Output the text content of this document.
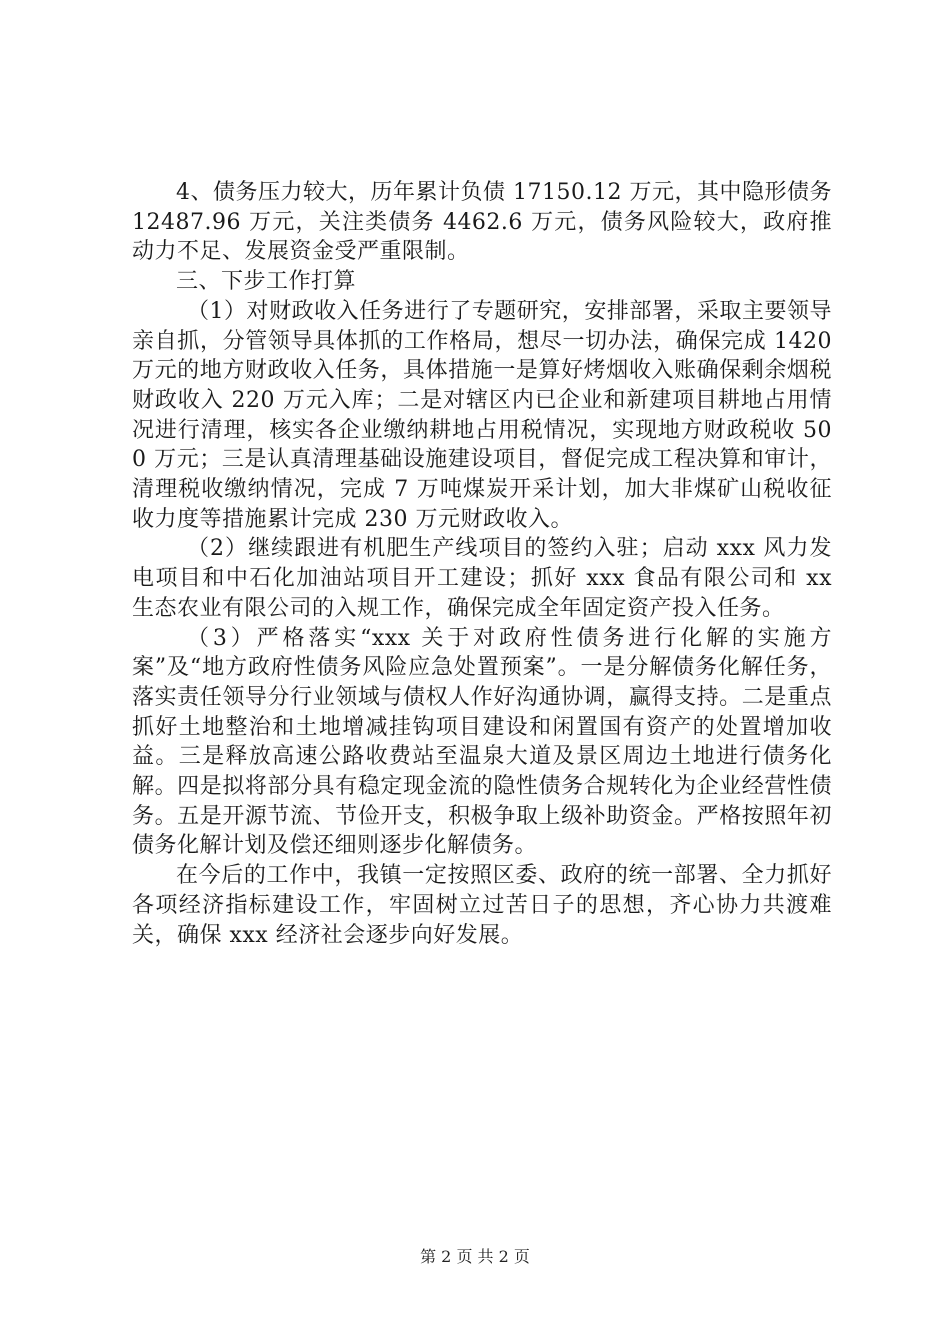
4、债务压力较大，历年累计负债 17150.12 万元，其中隐形债务 12487.96 万元，关注类债务 4462.6 万元，债务风险较大，政府推动力不足、发展资金受严重限制。

三、下步工作打算

（1）对财政收入任务进行了专题研究，安排部署，采取主要领导亲自抓，分管领导具体抓的工作格局，想尽一切办法，确保完成 1420 万元的地方财政收入任务，具体措施一是算好烤烟收入账确保剩余烟税财政收入 220 万元入库；二是对辖区内已企业和新建项目耕地占用情况进行清理，核实各企业缴纳耕地占用税情况，实现地方财政税收 500 万元；三是认真清理基础设施建设项目，督促完成工程决算和审计，清理税收缴纳情况，完成 7 万吨煤炭开采计划，加大非煤矿山税收征收力度等措施累计完成 230 万元财政收入。

（2）继续跟进有机肥生产线项目的签约入驻；启动 xxx 风力发电项目和中石化加油站项目开工建设；抓好 xxx 食品有限公司和 xx 生态农业有限公司的入规工作，确保完成全年固定资产投入任务。

（3）严格落实“xxx 关于对政府性债务进行化解的实施方案”及“地方政府性债务风险应急处置预案”。一是分解债务化解任务，落实责任领导分行业领域与债权人作好沟通协调，赢得支持。二是重点抓好土地整治和土地增减挂钩项目建设和闲置国有资产的处置增加收益。三是释放高速公路收费站至温泉大道及景区周边土地进行债务化解。四是拟将部分具有稳定现金流的隐性债务合规转化为企业经营性债务。五是开源节流、节俭开支，积极争取上级补助资金。严格按照年初债务化解计划及偿还细则逐步化解债务。

在今后的工作中，我镇一定按照区委、政府的统一部署、全力抓好各项经济指标建设工作，牢固树立过苦日子的思想，齐心协力共渡难关，确保 xxx 经济社会逐步向好发展。

第 2 页 共 2 页
